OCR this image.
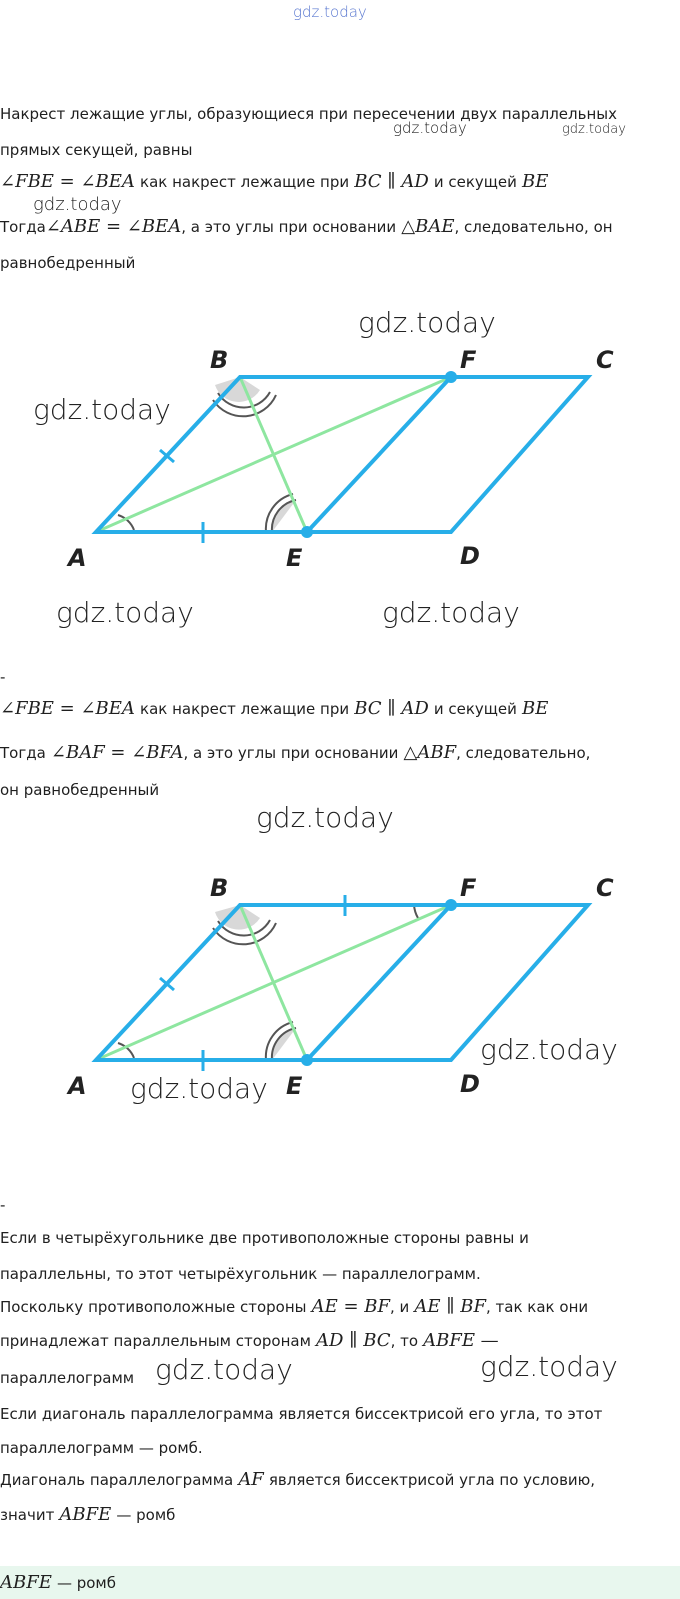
gdz.today
Накрест лежащие углы, образующиеся при пересечении двух параллельных
gdz.today	gdz.today
прямых секущей, равны
∠FBE = ∠BEA как накрест лежащие при BC ∥ AD и секущей BE
gdz.today
Тогда∠ABE = ∠BEA, а это углы при основании △BAE, следовательно, он
равнобедренный
A
B	C
D
E
F
gdz.today
gdz.today
gdz.today	gdz.today
-
∠FBE = ∠BEA как накрест лежащие при BC ∥ AD и секущей BE
Тогда ∠BAF = ∠BFA, а это углы при основании △ABF, следовательно,
он равнобедренный
gdz.today
A
B	C
D
E
F
gdz.today
gdz.today
-
Если в четырёхугольнике две противоположные стороны равны и
параллельны, то этот четырёхугольник — параллелограмм.
Поскольку противоположные стороны AE = BF, и AE ∥ BF, так как они
принадлежат параллельным сторонам AD ∥ BC, то ABFE —
параллелограмм gdz.today	gdz.today
Если диагональ параллелограмма является биссектрисой его угла, то этот
параллелограмм — ромб.
Диагональ параллелограмма AF является биссектрисой угла по условию,
значит ABFE — ромб
ABFE — ромб
